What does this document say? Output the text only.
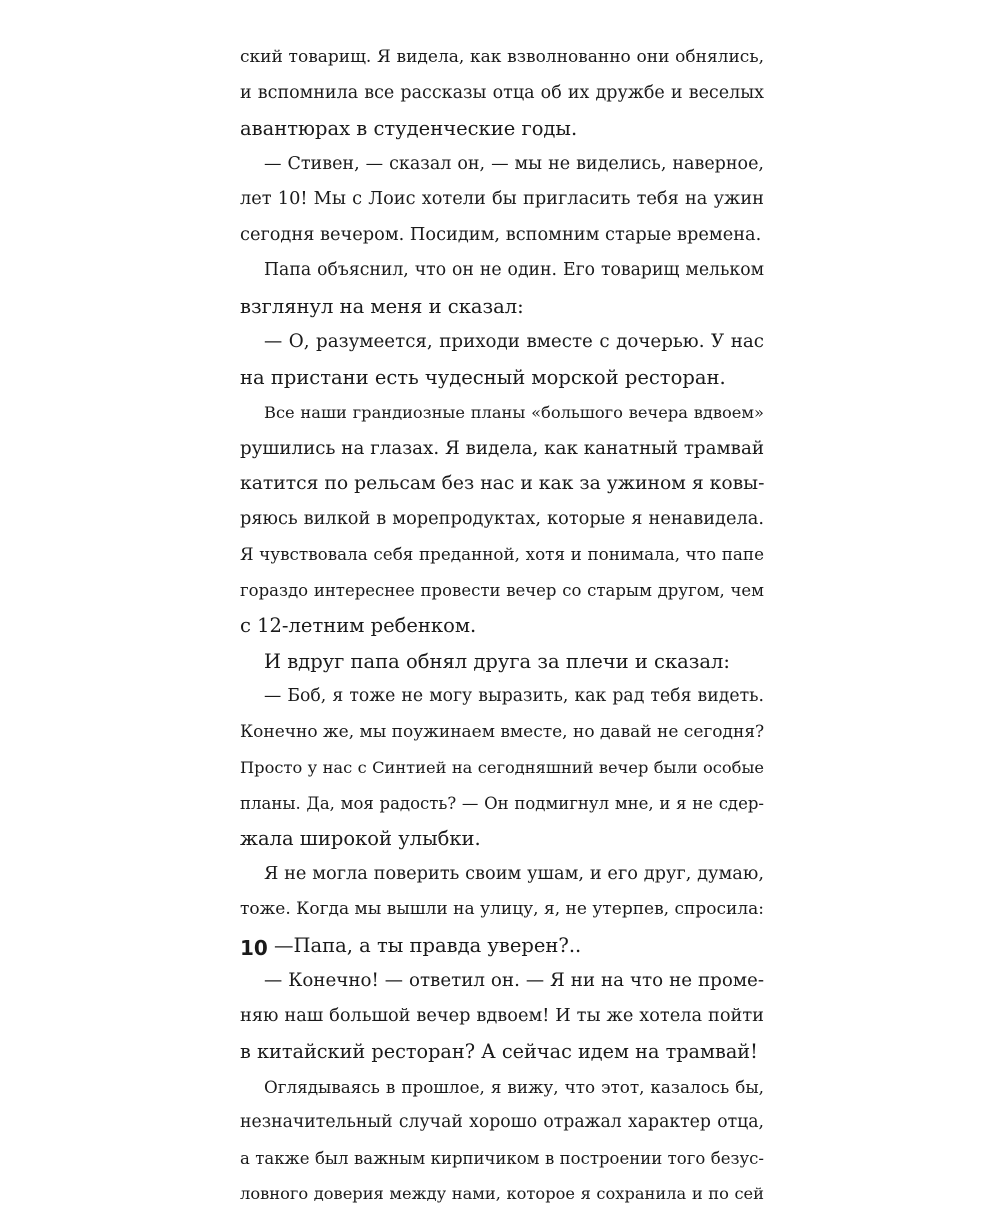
ский товарищ. Я видела, как взволнованно они обнялись,
и вспомнила все рассказы отца об их дружбе и веселых
авантюрах в студенческие годы.
— Стивен, — сказал он, — мы не виделись, наверное,
лет 10! Мы с Лоис хотели бы пригласить тебя на ужин
сегодня вечером. Посидим, вспомним старые времена.
Папа объяснил, что он не один. Его товарищ мельком
взглянул на меня и сказал:
— О, разумеется, приходи вместе с дочерью. У нас
на пристани есть чудесный морской ресторан.
Все наши грандиозные планы «большого вечера вдвоем»
рушились на глазах. Я видела, как канатный трамвай
катится по рельсам без нас и как за ужином я ковы-
ряюсь вилкой в морепродуктах, которые я ненавидела.
Я чувствовала себя преданной, хотя и понимала, что папе
гораздо интереснее провести вечер со старым другом, чем
с 12-летним ребенком.
И вдруг папа обнял друга за плечи и сказал:
— Боб, я тоже не могу выразить, как рад тебя видеть.
Конечно же, мы поужинаем вместе, но давай не сегодня?
Просто у нас с Синтией на сегодняшний вечер были особые
планы. Да, моя радость? — Он подмигнул мне, и я не сдер-
жала широкой улыбки.
Я не могла поверить своим ушам, и его друг, думаю,
тоже. Когда мы вышли на улицу, я, не утерпев, спросила:
—Папа, а ты правда уверен?..
— Конечно! — ответил он. — Я ни на что не проме-
няю наш большой вечер вдвоем! И ты же хотела пойти
в китайский ресторан? А сейчас идем на трамвай!
Оглядываясь в прошлое, я вижу, что этот, казалось бы,
незначительный случай хорошо отражал характер отца,
а также был важным кирпичиком в построении того безус-
ловного доверия между нами, которое я сохранила и по сей
10
